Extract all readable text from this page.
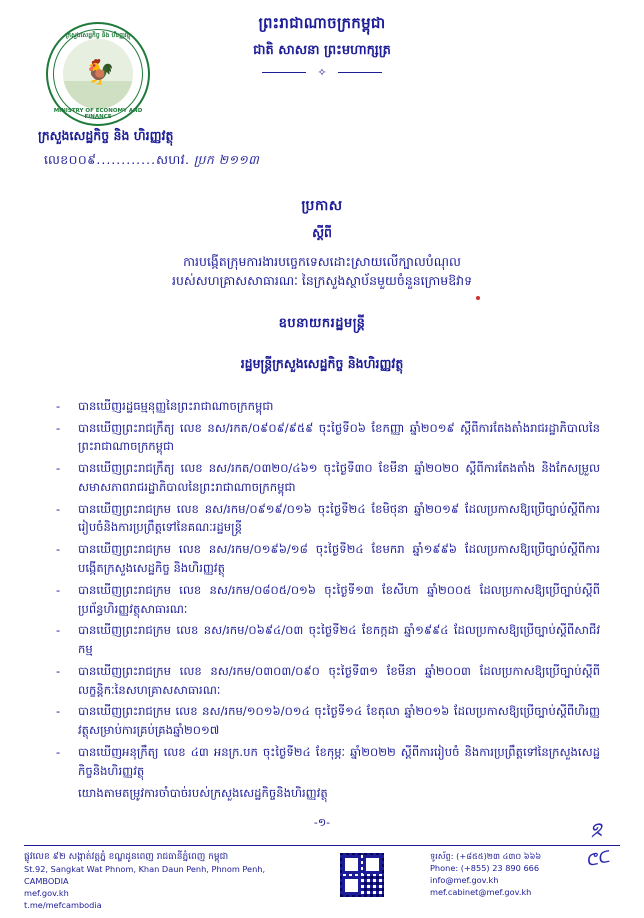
🐓
ក្រសួងសេដ្ឋកិច្ច និង ហិរញ្ញវត្ថុ
MINISTRY OF ECONOMY AND FINANCE
ព្រះរាជាណាចក្រកម្ពុជា
ជាតិ សាសនា ព្រះមហាក្សត្រ
✧
ក្រសួងសេដ្ឋកិច្ច និង ហិរញ្ញវត្ថុ
លេខ០០៩............សហវ. ប្រក ២១១៣
ប្រកាស
ស្តីពី
ការបង្កើតក្រុមការងារបច្ចេកទេសដោះស្រាយលើក្បាលបំណុល
របស់សហគ្រាសសាធារណៈ នៃក្រសួងស្ថាប័នមួយចំនួនក្រោមឱវាទ
ឧបនាយករដ្ឋមន្ត្រី
រដ្ឋមន្ត្រីក្រសួងសេដ្ឋកិច្ច និងហិរញ្ញវត្ថុ
-	បានឃើញរដ្ឋធម្មនុញ្ញនៃព្រះរាជាណាចក្រកម្ពុជា
-	បានឃើញព្រះរាជក្រឹត្យ លេខ នស/រកត/០៩០៩/៩៥៩ ចុះថ្ងៃទី០៦ ខែកញ្ញា ឆ្នាំ២០១៩ ស្តីពីការតែងតាំងរាជរដ្ឋាភិបាលនៃព្រះរាជាណាចក្រកម្ពុជា
-	បានឃើញព្រះរាជក្រឹត្យ លេខ នស/រកត/០៣២០/៤៦១ ចុះថ្ងៃទី៣០ ខែមីនា ឆ្នាំ២០២០ ស្តីពីការតែងតាំង និងកែសម្រួលសមាសភាពរាជរដ្ឋាភិបាលនៃព្រះរាជាណាចក្រកម្ពុជា
-	បានឃើញព្រះរាជក្រម លេខ នស/រកម/០៩១៩/០១៦ ចុះថ្ងៃទី២៤ ខែមិថុនា ឆ្នាំ២០១៩ ដែលប្រកាសឱ្យប្រើច្បាប់ស្តីពីការរៀបចំនិងការប្រព្រឹត្តទៅនៃគណៈរដ្ឋមន្ត្រី
-	បានឃើញព្រះរាជក្រម លេខ នស/រកម/០១៩៦/១៨ ចុះថ្ងៃទី២៤ ខែមករា ឆ្នាំ១៩៩៦ ដែលប្រកាសឱ្យប្រើច្បាប់ស្តីពីការបង្កើតក្រសួងសេដ្ឋកិច្ច និងហិរញ្ញវត្ថុ
-	បានឃើញព្រះរាជក្រម លេខ នស/រកម/០៨០៥/០១៦ ចុះថ្ងៃទី១៣ ខែសីហា ឆ្នាំ២០០៥ ដែលប្រកាសឱ្យប្រើច្បាប់ស្តីពីប្រព័ន្ធហិរញ្ញវត្ថុសាធារណៈ
-	បានឃើញព្រះរាជក្រម លេខ នស/រកម/០៦៩៤/០៣ ចុះថ្ងៃទី២៤ ខែកក្កដា ឆ្នាំ១៩៩៤ ដែលប្រកាសឱ្យប្រើច្បាប់ស្តីពីសាជីវកម្ម
-	បានឃើញព្រះរាជក្រម លេខ នស/រកម/០៣០៣/០៩០ ចុះថ្ងៃទី៣១ ខែមីនា ឆ្នាំ២០០៣ ដែលប្រកាសឱ្យប្រើច្បាប់ស្តីពីលក្ខន្តិកៈនៃសហគ្រាសសាធារណៈ
-	បានឃើញព្រះរាជក្រម លេខ នស/រកម/១០១៦/០១៤ ចុះថ្ងៃទី១៤ ខែតុលា ឆ្នាំ២០១៦ ដែលប្រកាសឱ្យប្រើច្បាប់ស្តីពីហិរញ្ញវត្ថុសម្រាប់ការគ្រប់គ្រងឆ្នាំ២០១៧
-	បានឃើញអនុក្រឹត្យ លេខ ៤៣ អនក្រ.បក ចុះថ្ងៃទី២៤ ខែកុម្ភៈ ឆ្នាំ២០២២ ស្តីពីការរៀបចំ និងការប្រព្រឹត្តទៅនៃក្រសួងសេដ្ឋកិច្ចនិងហិរញ្ញវត្ថុ
យោងតាមតម្រូវការចាំបាច់របស់ក្រសួងសេដ្ឋកិច្ចនិងហិរញ្ញវត្ថុ
-១-	ᘝ
ᕦᑕ
ផ្លូវលេខ ៩២ សង្កាត់វត្តភ្នំ ខណ្ឌដូនពេញ រាជធានីភ្នំពេញ កម្ពុជា
St.92, Sangkat Wat Phnom, Khan Daun Penh, Phnom Penh, CAMBODIA
mef.gov.kh
t.me/mefcambodia
ទូរស័ព្ទ: (+៨៥៥)២៣ ៤៣០ ៦៦៦
Phone: (+855) 23 890 666
info@mef.gov.kh
mef.cabinet@mef.gov.kh
